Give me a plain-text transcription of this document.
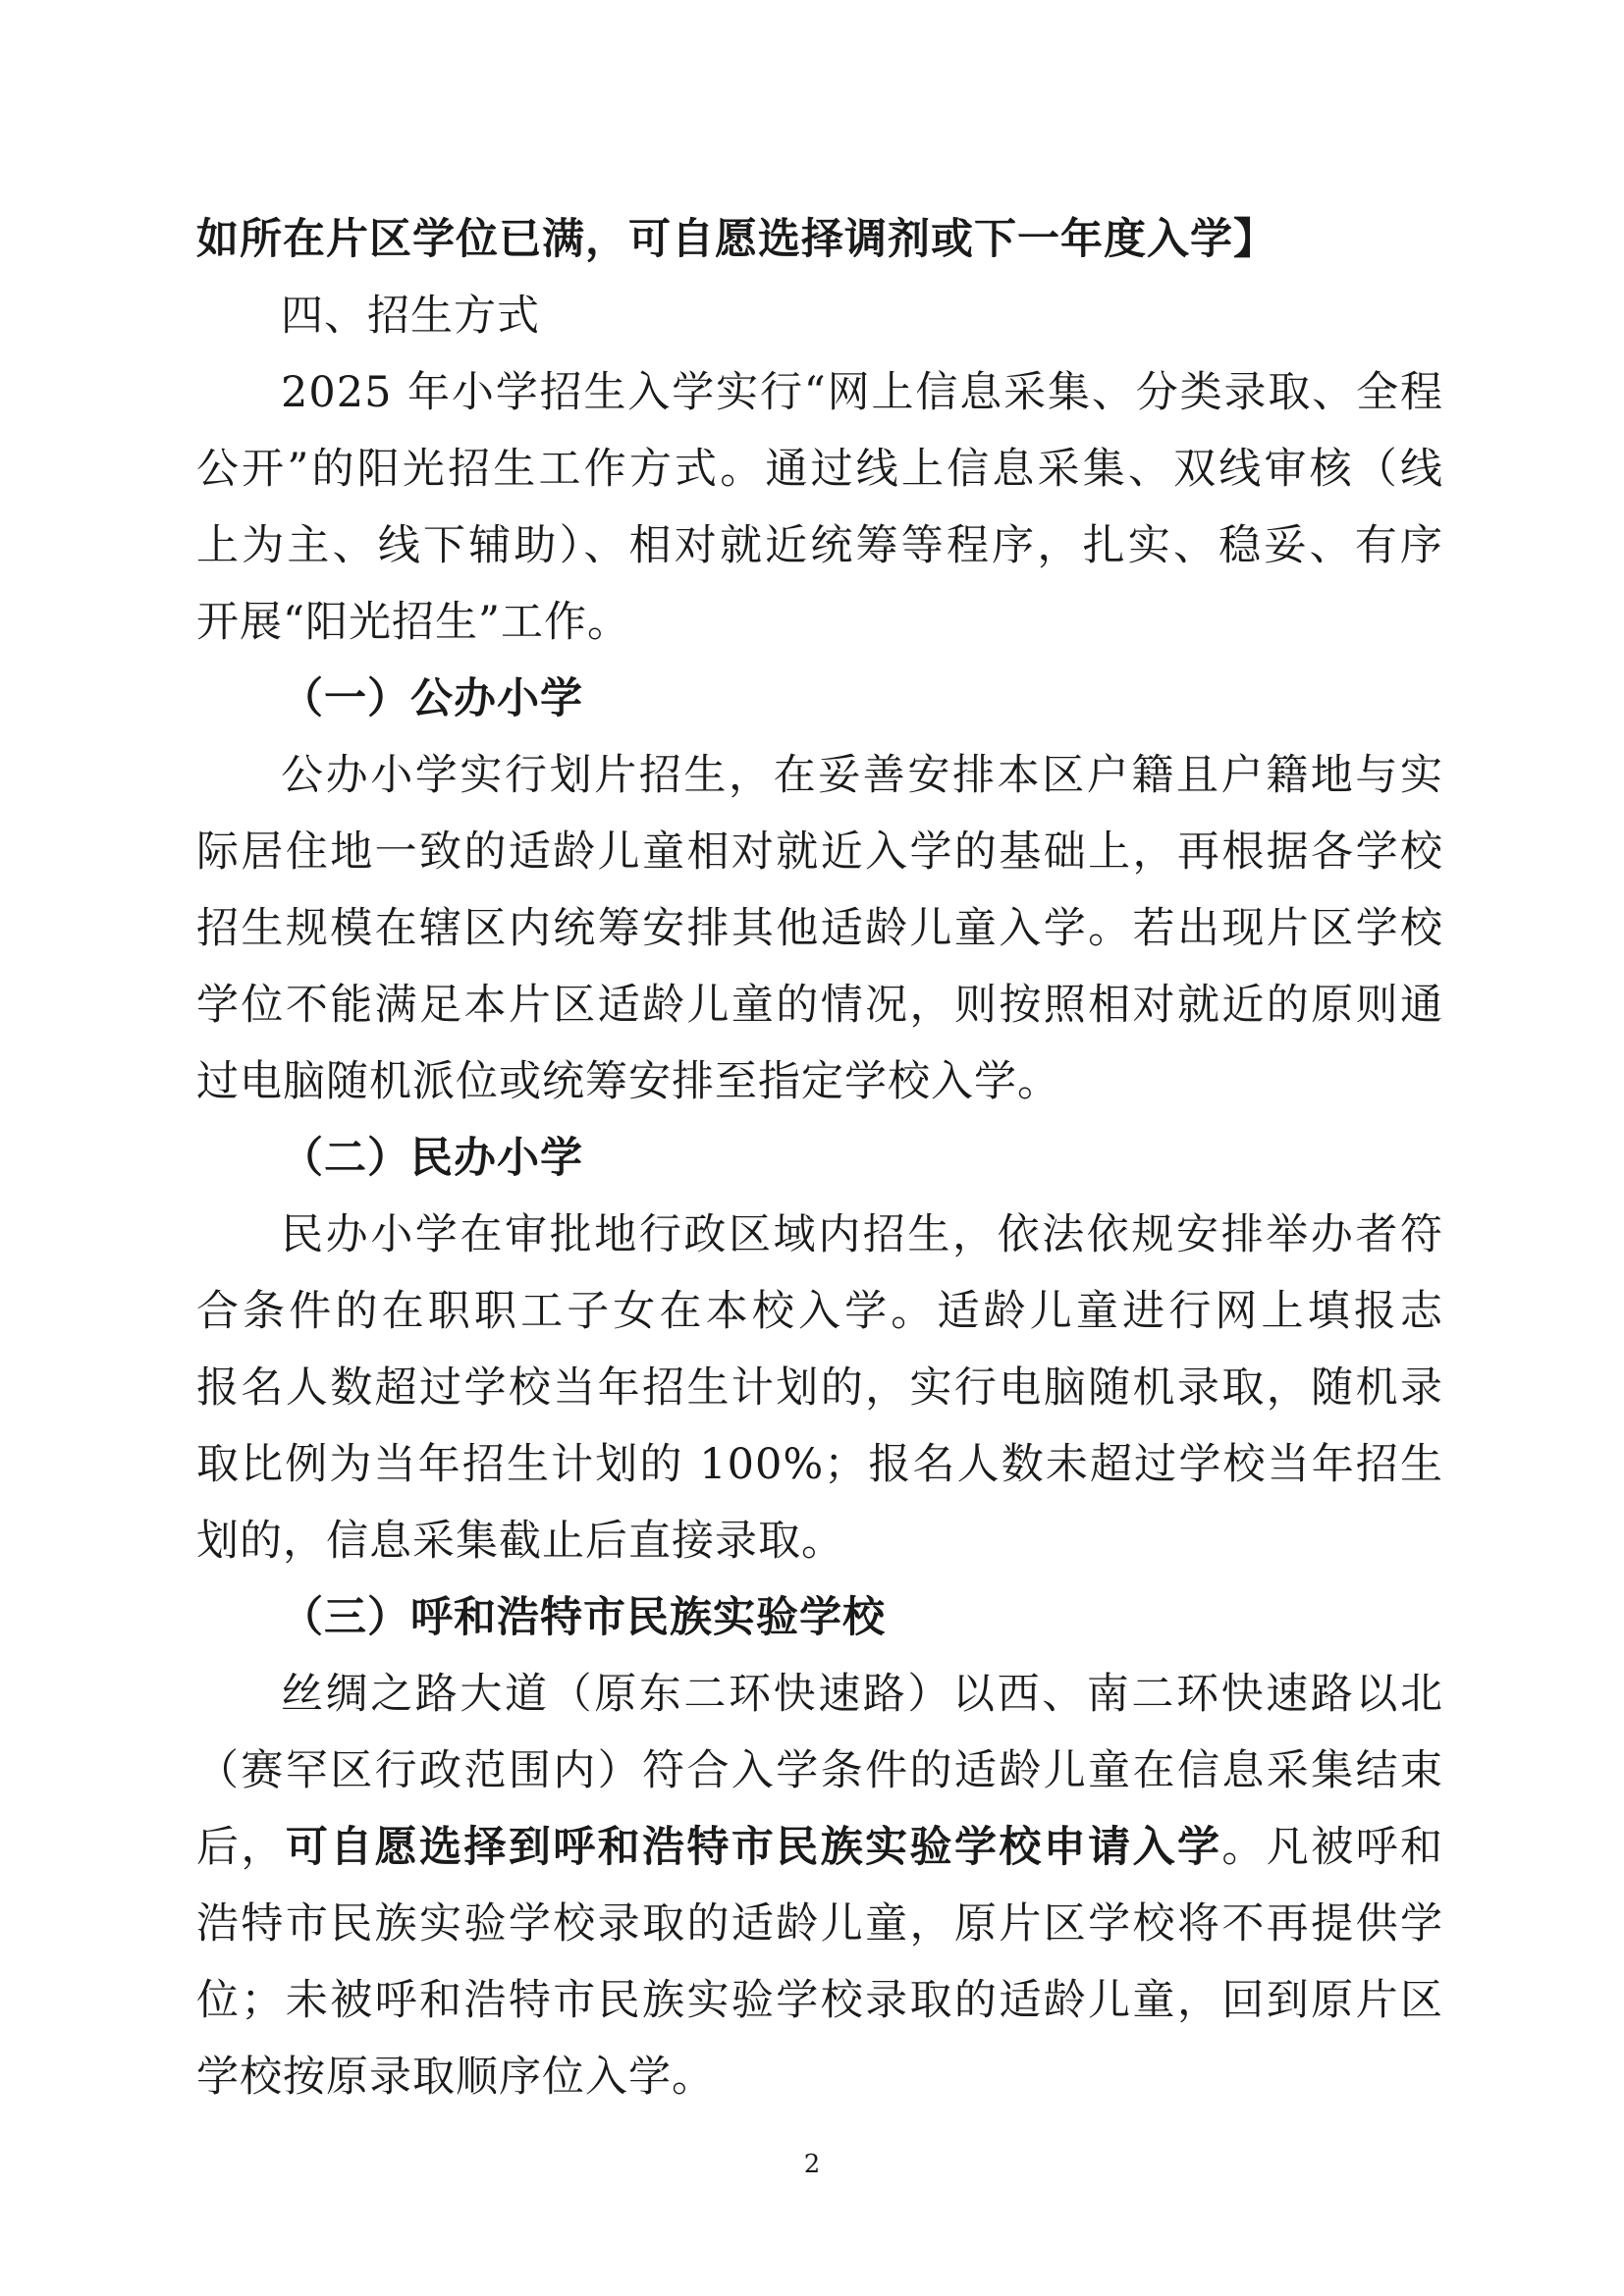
如所在片区学位已满，可自愿选择调剂或下一年度入学】

四、招生方式

2025 年小学招生入学实行“网上信息采集、分类录取、全程

公开”的阳光招生工作方式。通过线上信息采集、双线审核（线

上为主、线下辅助）、相对就近统筹等程序，扎实、稳妥、有序

开展“阳光招生”工作。

（一）公办小学

公办小学实行划片招生，在妥善安排本区户籍且户籍地与实

际居住地一致的适龄儿童相对就近入学的基础上，再根据各学校

招生规模在辖区内统筹安排其他适龄儿童入学。若出现片区学校

学位不能满足本片区适龄儿童的情况，则按照相对就近的原则通

过电脑随机派位或统筹安排至指定学校入学。

（二）民办小学

民办小学在审批地行政区域内招生，依法依规安排举办者符

合条件的在职职工子女在本校入学。适龄儿童进行网上填报志

报名人数超过学校当年招生计划的，实行电脑随机录取，随机录

取比例为当年招生计划的 100%；报名人数未超过学校当年招生

划的，信息采集截止后直接录取。

（三）呼和浩特市民族实验学校

丝绸之路大道（原东二环快速路）以西、南二环快速路以北

（赛罕区行政范围内）符合入学条件的适龄儿童在信息采集结束

后，可自愿选择到呼和浩特市民族实验学校申请入学。凡被呼和

浩特市民族实验学校录取的适龄儿童，原片区学校将不再提供学

位；未被呼和浩特市民族实验学校录取的适龄儿童，回到原片区

学校按原录取顺序位入学。

2
